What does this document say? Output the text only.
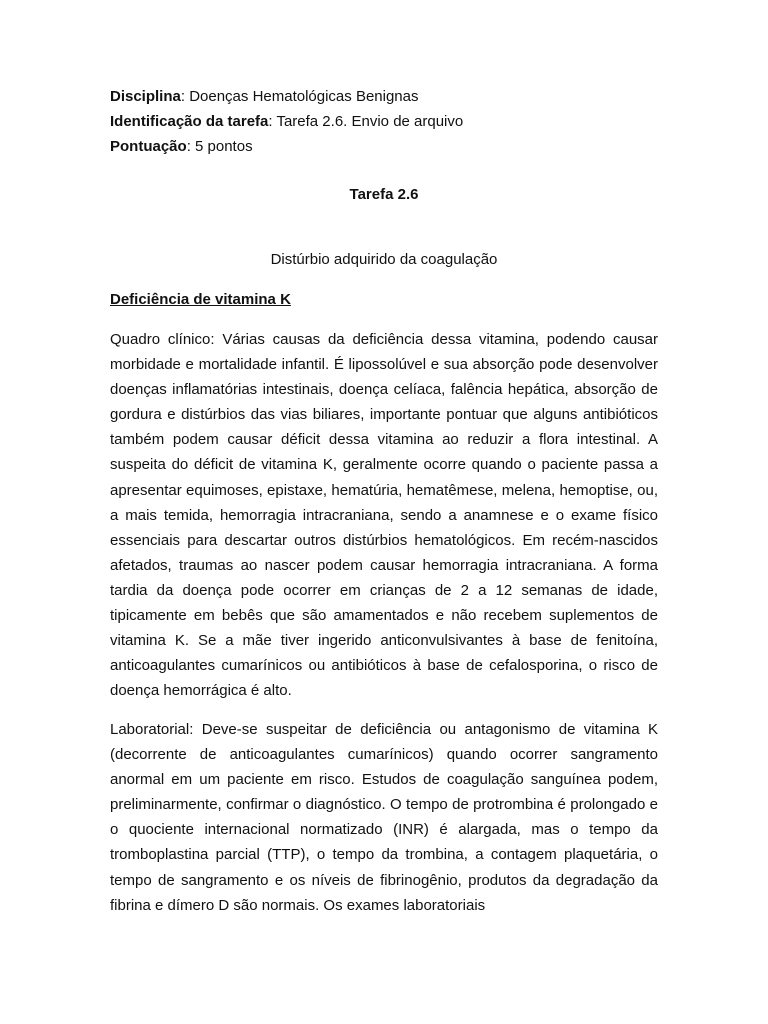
Disciplina: Doenças Hematológicas Benignas
Identificação da tarefa: Tarefa 2.6. Envio de arquivo
Pontuação: 5 pontos
Tarefa 2.6
Distúrbio adquirido da coagulação
Deficiência de vitamina K

Quadro clínico: Várias causas da deficiência dessa vitamina, podendo causar morbidade e mortalidade infantil. É lipossolúvel e sua absorção pode desenvolver doenças inflamatórias intestinais, doença celíaca, falência hepática, absorção de gordura e distúrbios das vias biliares, importante pontuar que alguns antibióticos também podem causar déficit dessa vitamina ao reduzir a flora intestinal. A suspeita do déficit de vitamina K, geralmente ocorre quando o paciente passa a apresentar equimoses, epistaxe, hematúria, hematêmese, melena, hemoptise, ou, a mais temida, hemorragia intracraniana, sendo a anamnese e o exame físico essenciais para descartar outros distúrbios hematológicos. Em recém-nascidos afetados, traumas ao nascer podem causar hemorragia intracraniana. A forma tardia da doença pode ocorrer em crianças de 2 a 12 semanas de idade, tipicamente em bebês que são amamentados e não recebem suplementos de vitamina K. Se a mãe tiver ingerido anticonvulsivantes à base de fenitoína, anticoagulantes cumarínicos ou antibióticos à base de cefalosporina, o risco de doença hemorrágica é alto.

Laboratorial: Deve-se suspeitar de deficiência ou antagonismo de vitamina K (decorrente de anticoagulantes cumarínicos) quando ocorrer sangramento anormal em um paciente em risco. Estudos de coagulação sanguínea podem, preliminarmente, confirmar o diagnóstico. O tempo de protrombina é prolongado e o quociente internacional normatizado (INR) é alargada, mas o tempo da tromboplastina parcial (TTP), o tempo da trombina, a contagem plaquetária, o tempo de sangramento e os níveis de fibrinogênio, produtos da degradação da fibrina e dímero D são normais. Os exames laboratoriais
